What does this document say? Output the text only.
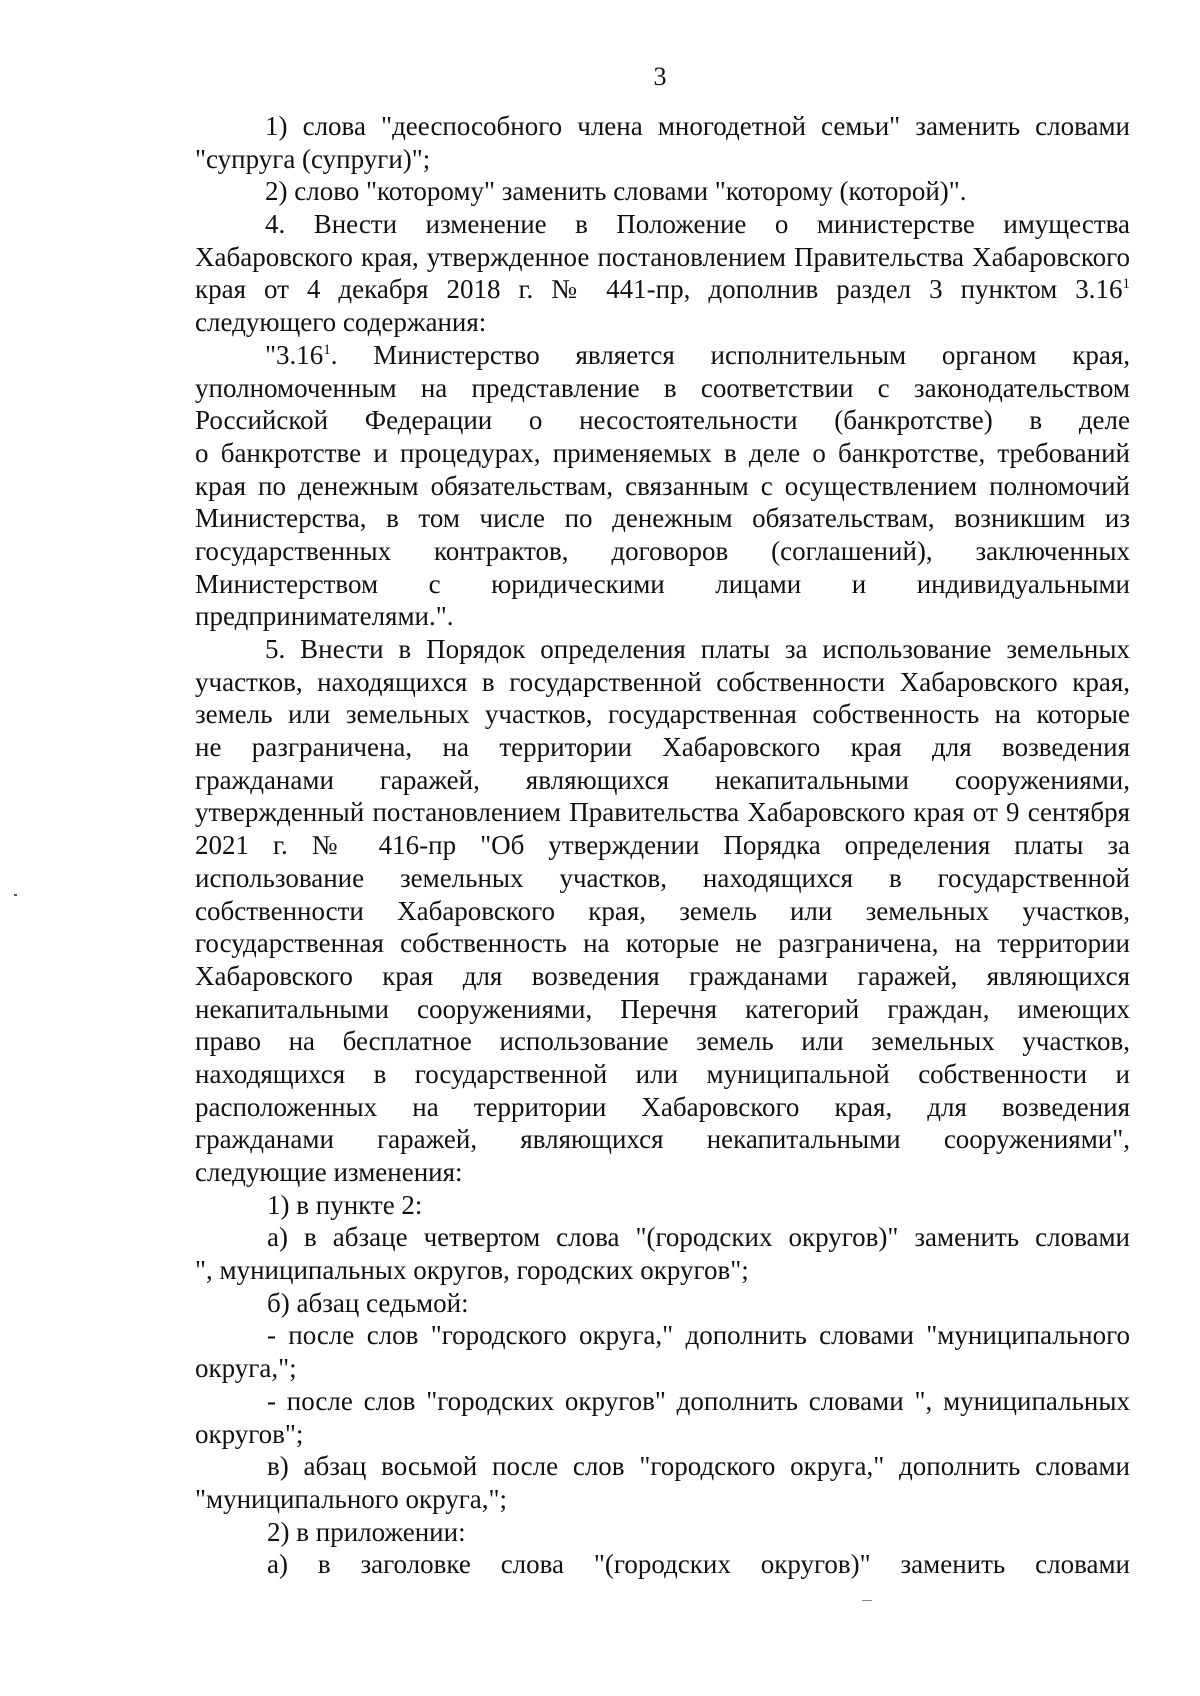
3
1) слова "дееспособного члена многодетной семьи" заменить словами
"супруга (супруги)";
2) слово "которому" заменить словами "которому (которой)".
4. Внести изменение в Положение о министерстве имущества
Хабаровского края, утвержденное постановлением Правительства Хабаровского
края от 4 декабря 2018 г. № 441-пр, дополнив раздел 3 пунктом 3.16$^1$
следующего содержания:
"3.16$^1$. Министерство является исполнительным органом края,
уполномоченным на представление в соответствии с законодательством
Российской Федерации о несостоятельности (банкротстве) в деле
о банкротстве и процедурах, применяемых в деле о банкротстве, требований
края по денежным обязательствам, связанным с осуществлением полномочий
Министерства, в том числе по денежным обязательствам, возникшим из
государственных контрактов, договоров (соглашений), заключенных
Министерством с юридическими лицами и индивидуальными
предпринимателями.".
5. Внести в Порядок определения платы за использование земельных
участков, находящихся в государственной собственности Хабаровского края,
земель или земельных участков, государственная собственность на которые
не разграничена, на территории Хабаровского края для возведения
гражданами гаражей, являющихся некапитальными сооружениями,
утвержденный постановлением Правительства Хабаровского края от 9 сентября
2021 г. № 416-пр "Об утверждении Порядка определения платы за
использование земельных участков, находящихся в государственной
собственности Хабаровского края, земель или земельных участков,
государственная собственность на которые не разграничена, на территории
Хабаровского края для возведения гражданами гаражей, являющихся
некапитальными сооружениями, Перечня категорий граждан, имеющих
право на бесплатное использование земель или земельных участков,
находящихся в государственной или муниципальной собственности и
расположенных на территории Хабаровского края, для возведения
гражданами гаражей, являющихся некапитальными сооружениями",
следующие изменения:
1) в пункте 2:
а) в абзаце четвертом слова "(городских округов)" заменить словами
", муниципальных округов, городских округов";
б) абзац седьмой:
- после слов "городского округа," дополнить словами "муниципального
округа,";
- после слов "городских округов" дополнить словами ", муниципальных
округов";
в) абзац восьмой после слов "городского округа," дополнить словами
"муниципального округа,";
2) в приложении:
а) в заголовке слова "(городских округов)" заменить словами
